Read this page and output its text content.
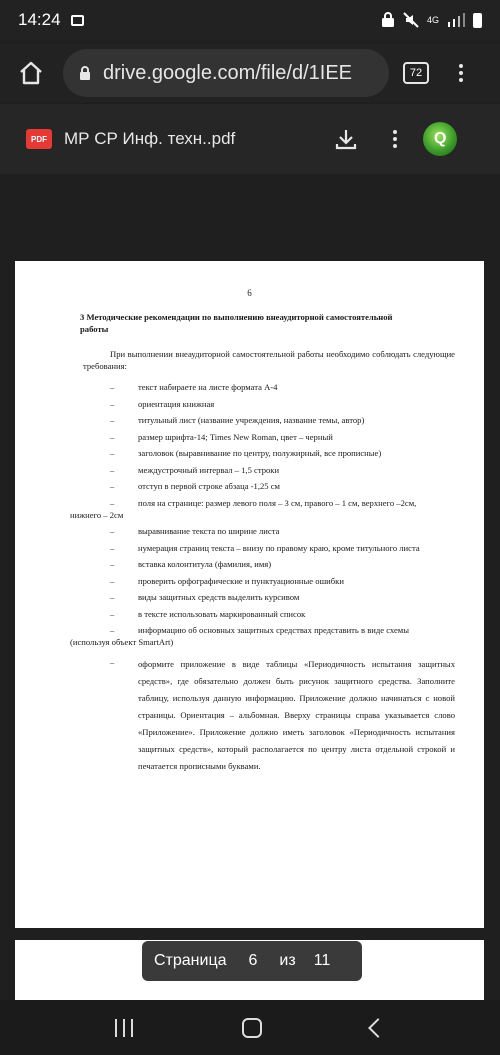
14:24	4G
drive.google.com/file/d/1IEE	72
PDF МР СР Инф. техн..pdf	Q
6
3 Методические рекомендации по выполнению внеаудиторной самостоятельной работы
При выполнении внеаудиторной самостоятельной работы необходимо соблюдать следующие требования:
–	текст набираете на листе формата А-4
–	ориентация книжная
–	титульный лист (название учреждения, название темы, автор)
–	размер шрифта-14; Times New Roman, цвет – черный
–	заголовок (выравнивание по центру, полужирный, все прописные)
–	междустрочный интервал – 1,5 строки
–	отступ в первой строке абзаца -1,25 см
–	поля на странице: размер левого поля – 3 см, правого – 1 см, верхнего –2см,
нижнего – 2см
–	выравнивание текста по ширине листа
–	нумерация страниц текста – внизу по правому краю, кроме титульного листа
–	вставка колонтитула (фамилия, имя)
–	проверить орфографические и пунктуационные ошибки
–	виды защитных средств выделить курсивом
–	в тексте использовать маркированный список
–	информацию об основных защитных средствах представить в виде схемы
(используя объект SmartArt)
–	оформите приложение в виде таблицы «Периодичность испытания защитных средств», где обязательно должен быть рисунок защитного средства. Заполните таблицу, используя данную информацию. Приложение должно начинаться с новой страницы. Ориентация – альбомная. Вверху страницы справа указывается слово «Приложение». Приложение должно иметь заголовок «Периодичность испытания защитных средств», который располагается по центру листа отдельной строкой и печатается прописными буквами.
Страница 6 из 11
